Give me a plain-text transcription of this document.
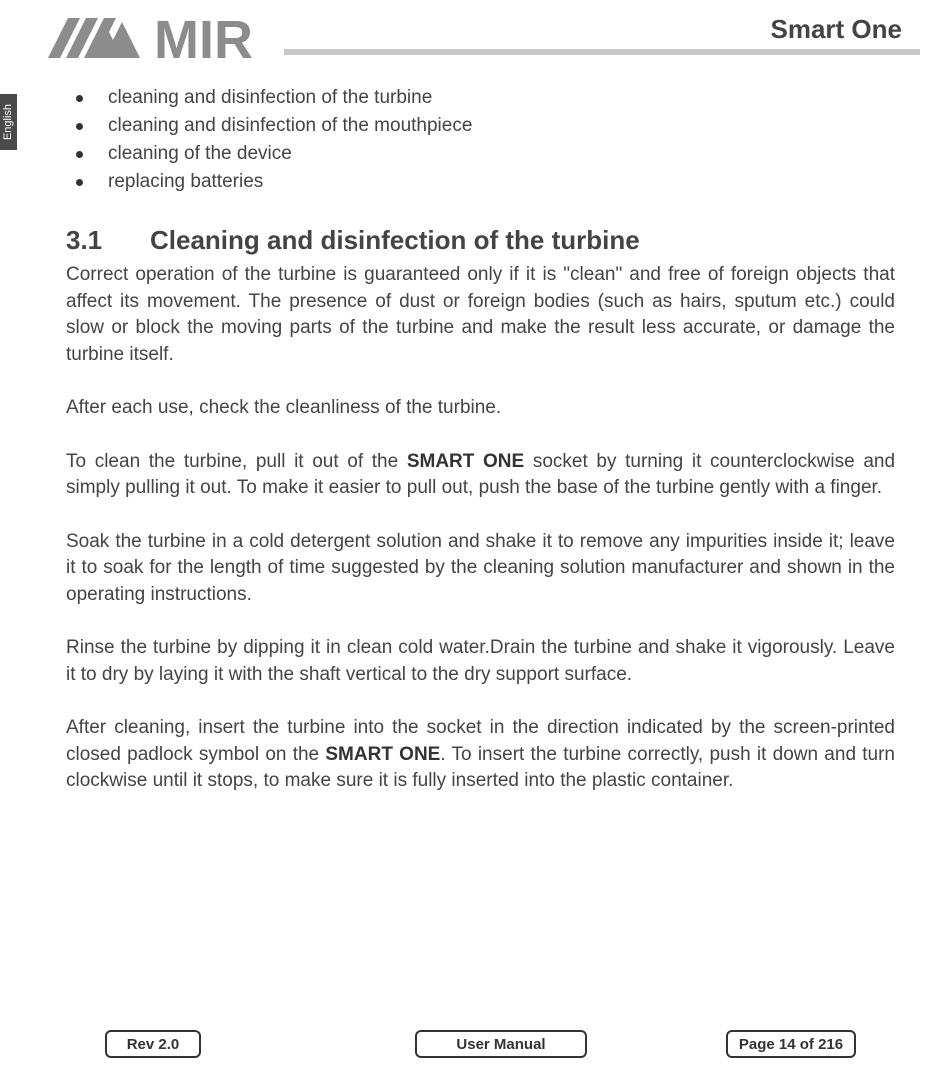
MIR	Smart One
English
cleaning and disinfection of the turbine
cleaning and disinfection of the mouthpiece
cleaning of the device
replacing batteries
3.1 Cleaning and disinfection of the turbine

Correct operation of the turbine is guaranteed only if it is "clean" and free of foreign objects that affect its movement. The presence of dust or foreign bodies (such as hairs, sputum etc.) could slow or block the moving parts of the turbine and make the result less accurate, or damage the turbine itself.

After each use, check the cleanliness of the turbine.

To clean the turbine, pull it out of the SMART ONE socket by turning it counterclockwise and simply pulling it out. To make it easier to pull out, push the base of the turbine gently with a finger.

Soak the turbine in a cold detergent solution and shake it to remove any impurities inside it; leave it to soak for the length of time suggested by the cleaning solution manufacturer and shown in the operating instructions.

Rinse the turbine by dipping it in clean cold water.Drain the turbine and shake it vigorously. Leave it to dry by laying it with the shaft vertical to the dry support surface.

After cleaning, insert the turbine into the socket in the direction indicated by the screen-printed closed padlock symbol on the SMART ONE. To insert the turbine correctly, push it down and turn clockwise until it stops, to make sure it is fully inserted into the plastic container.

Rev 2.0	User Manual	Page 14 of 216
